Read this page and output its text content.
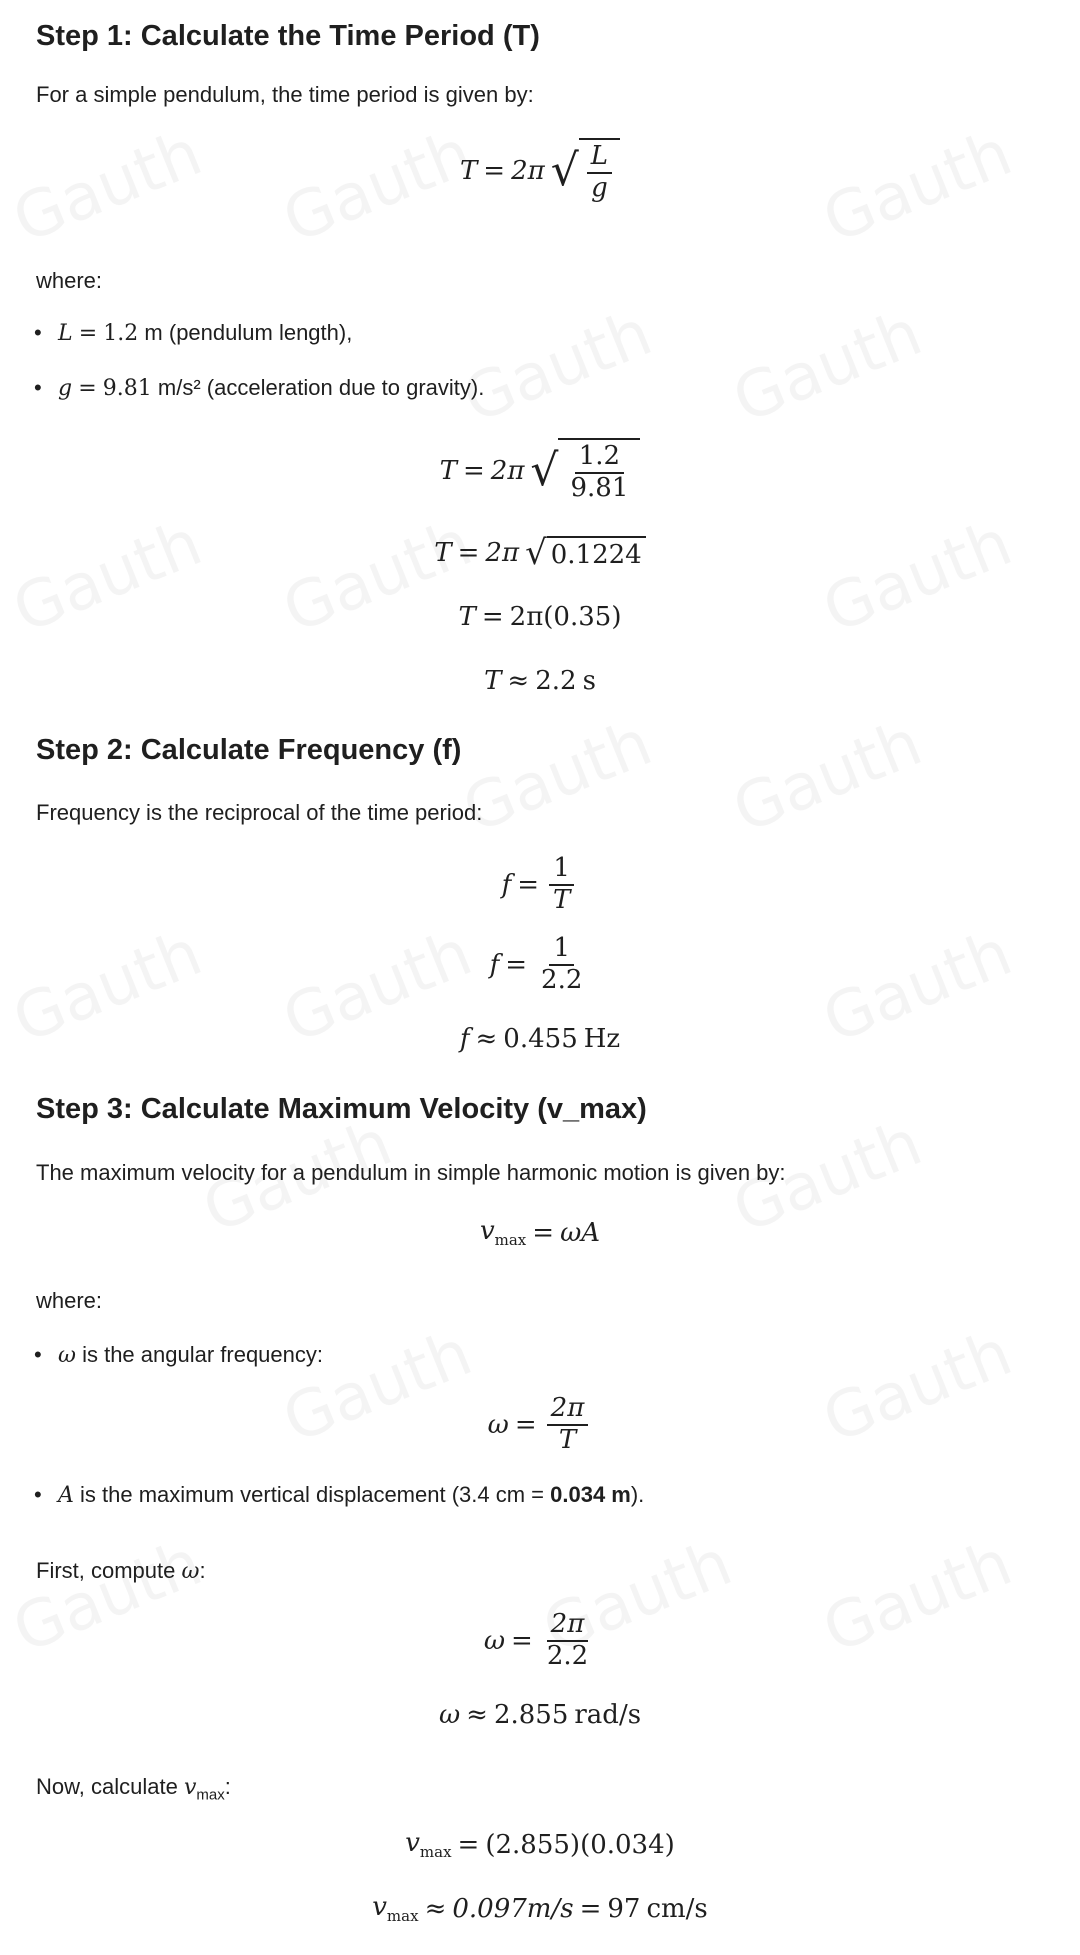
Step 1: Calculate the Time Period (T)

For a simple pendulum, the time period is given by:

T = 2π √ $\frac{L}{g}$

where:

• L = 1.2 m (pendulum length),

• g = 9.81 m/s² (acceleration due to gravity).

T = 2π √ $\frac{1.2}{9.81}$
T = 2π √ 0.1224
T = 2π(0.35)
T ≈ 2.2 s
Step 2: Calculate Frequency (f)

Frequency is the reciprocal of the time period:

$f = \frac{1}{T}$
$f = \frac{1}{2.2}$
f ≈ 0.455 Hz
Step 3: Calculate Maximum Velocity (v_max)

The maximum velocity for a pendulum in simple harmonic motion is given by:

$v_{max} = \omega A$

where:

• ω is the angular frequency:

$\omega = \frac{2\pi}{T}$

• A is the maximum vertical displacement (3.4 cm = 0.034 m).

First, compute ω:

$\omega = \frac{2\pi}{2.2}$
ω ≈ 2.855 rad/s

Now, calculate $v_{max}$:

$v_{max} = (2.855)(0.034)$
$v_{max} \approx 0.097m/s = 97$ cm/s
